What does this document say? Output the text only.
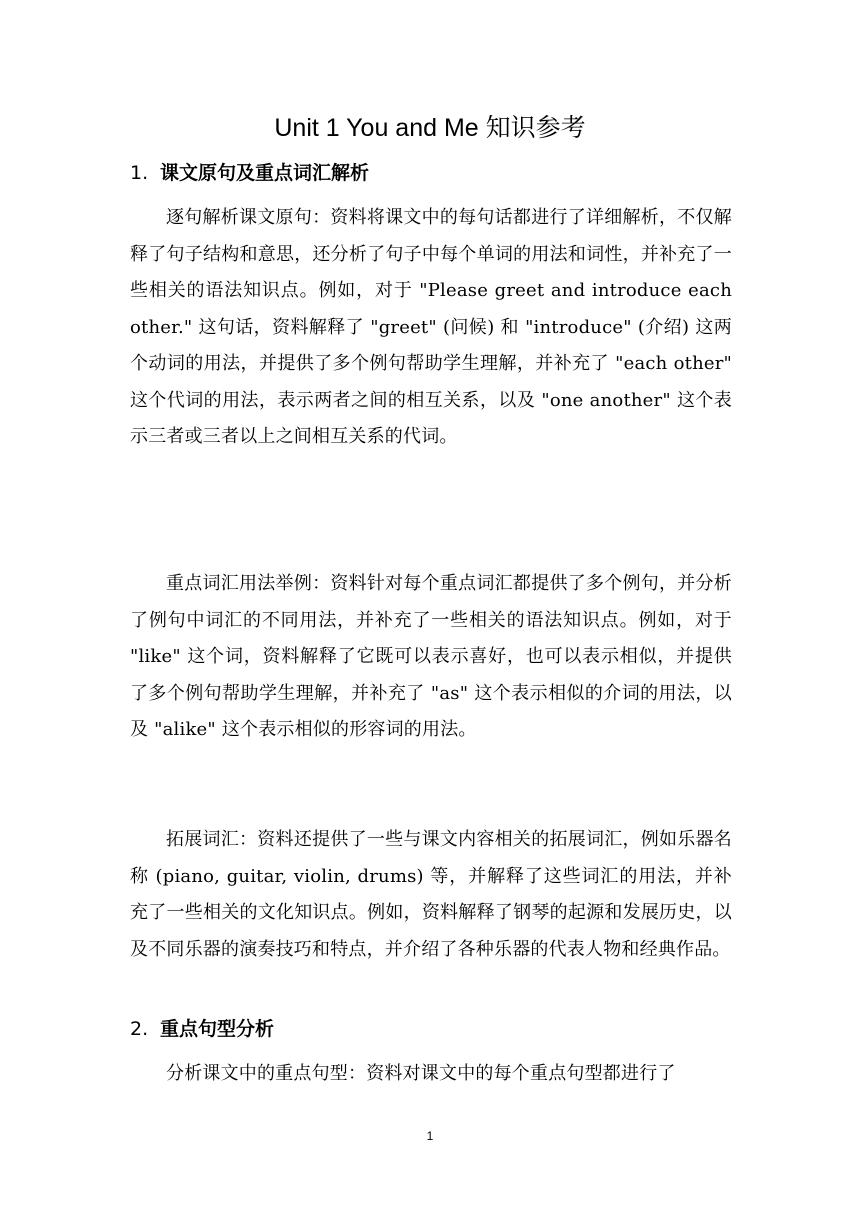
Unit 1 You and Me 知识参考
1. 课文原句及重点词汇解析

逐句解析课文原句：资料将课文中的每句话都进行了详细解析，不仅解释了句子结构和意思，还分析了句子中每个单词的用法和词性，并补充了一些相关的语法知识点。例如，对于 "Please greet and introduce each other." 这句话，资料解释了 "greet" (问候) 和 "introduce" (介绍) 这两个动词的用法，并提供了多个例句帮助学生理解，并补充了 "each other" 这个代词的用法，表示两者之间的相互关系，以及 "one another" 这个表示三者或三者以上之间相互关系的代词。

重点词汇用法举例：资料针对每个重点词汇都提供了多个例句，并分析了例句中词汇的不同用法，并补充了一些相关的语法知识点。例如，对于 "like" 这个词，资料解释了它既可以表示喜好，也可以表示相似，并提供了多个例句帮助学生理解，并补充了 "as" 这个表示相似的介词的用法，以及 "alike" 这个表示相似的形容词的用法。

拓展词汇：资料还提供了一些与课文内容相关的拓展词汇，例如乐器名称 (piano, guitar, violin, drums) 等，并解释了这些词汇的用法，并补充了一些相关的文化知识点。例如，资料解释了钢琴的起源和发展历史，以及不同乐器的演奏技巧和特点，并介绍了各种乐器的代表人物和经典作品。

2. 重点句型分析

分析课文中的重点句型：资料对课文中的每个重点句型都进行了

1
